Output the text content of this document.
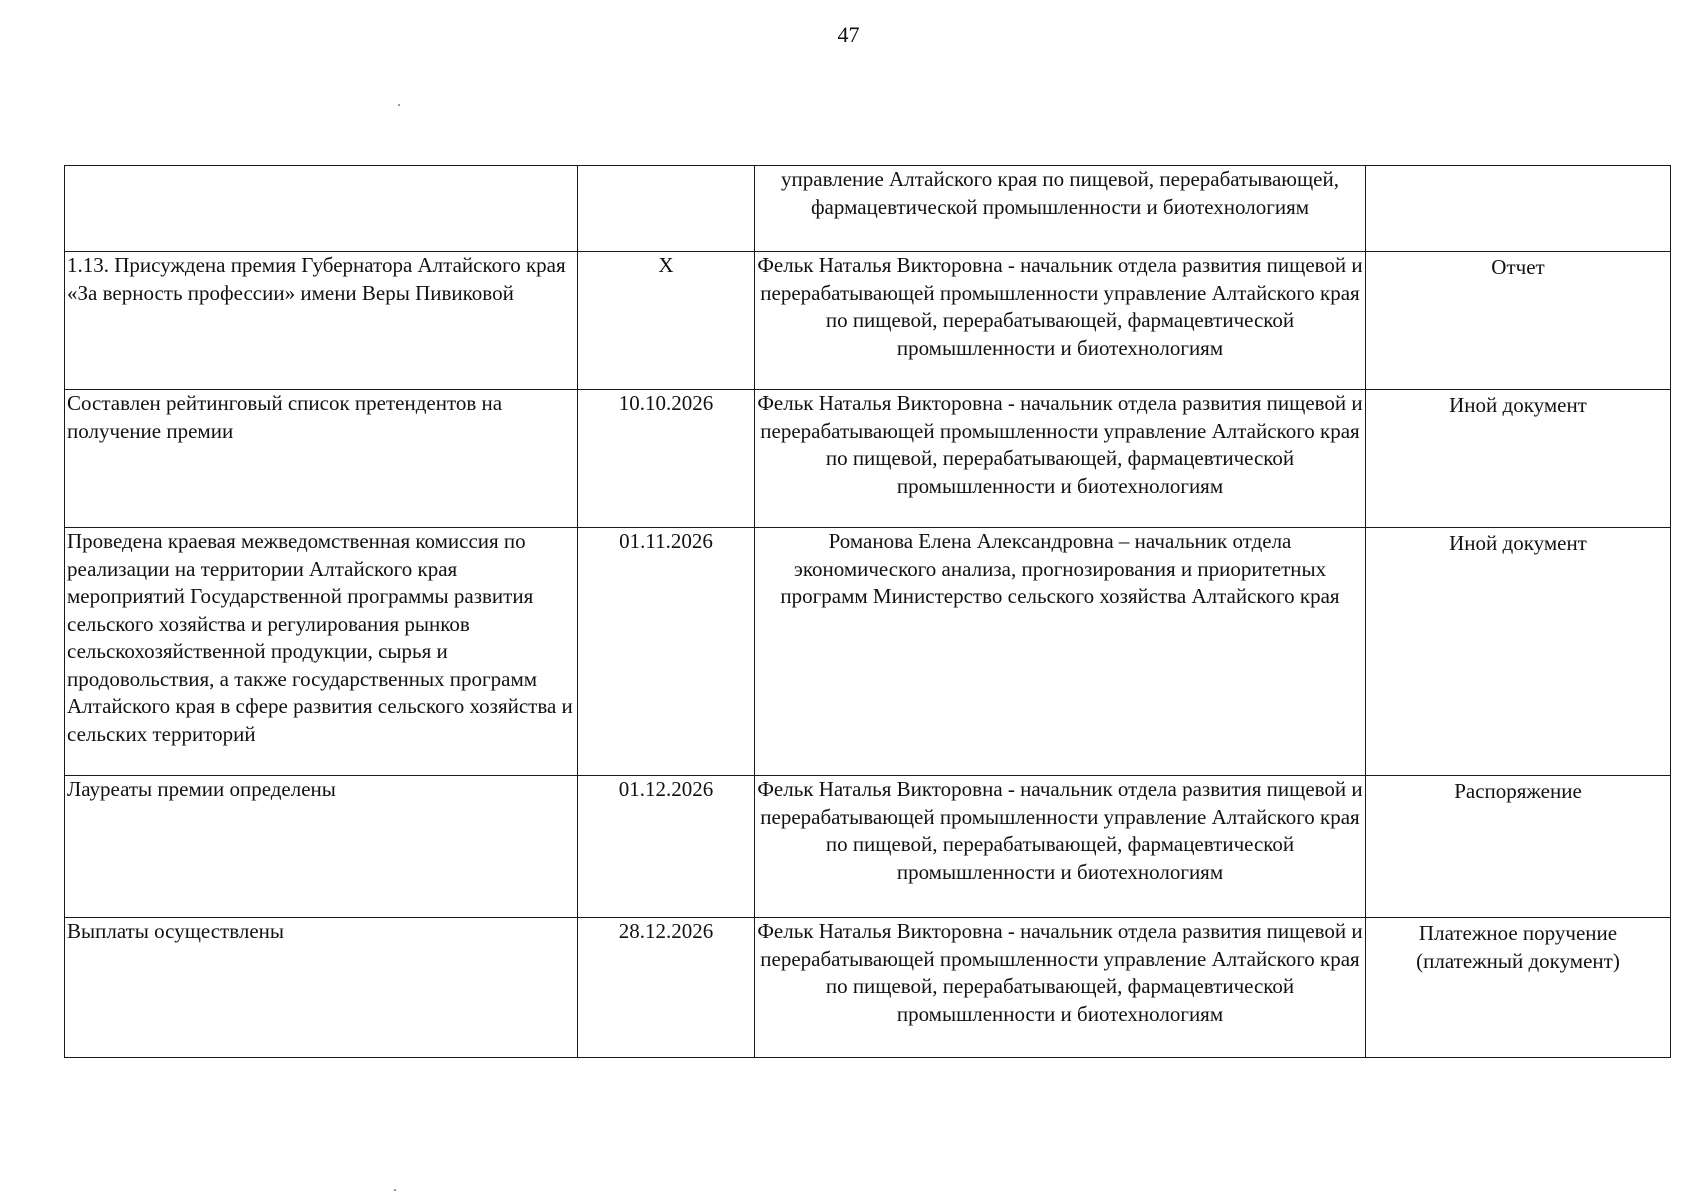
47
		управление Алтайского края по пищевой, перерабатывающей, фармацевтической промышленности и биотехнологиям	
1.13. Присуждена премия Губернатора Алтайского края «За верность профессии» имени Веры Пивиковой	X	Фельк Наталья Викторовна - начальник отдела развития пищевой и перерабатывающей промышленности управление Алтайского края по пищевой, перерабатывающей, фармацевтической промышленности и биотехнологиям	Отчет
Составлен рейтинговый список претендентов на получение премии	10.10.2026	Фельк Наталья Викторовна - начальник отдела развития пищевой и перерабатывающей промышленности управление Алтайского края по пищевой, перерабатывающей, фармацевтической промышленности и биотехнологиям	Иной документ
Проведена краевая межведомственная комиссия по реализации на территории Алтайского края мероприятий Государственной программы развития сельского хозяйства и регулирования рынков сельскохозяйственной продукции, сырья и продовольствия, а также государственных программ Алтайского края в сфере развития сельского хозяйства и сельских территорий	01.11.2026	Романова Елена Александровна – начальник отдела экономического анализа, прогнозирования и приоритетных программ Министерство сельского хозяйства Алтайского края	Иной документ
Лауреаты премии определены	01.12.2026	Фельк Наталья Викторовна - начальник отдела развития пищевой и перерабатывающей промышленности управление Алтайского края по пищевой, перерабатывающей, фармацевтической промышленности и биотехнологиям	Распоряжение
Выплаты осуществлены	28.12.2026	Фельк Наталья Викторовна - начальник отдела развития пищевой и перерабатывающей промышленности управление Алтайского края по пищевой, перерабатывающей, фармацевтической промышленности и биотехнологиям	Платежное поручение (платежный документ)
